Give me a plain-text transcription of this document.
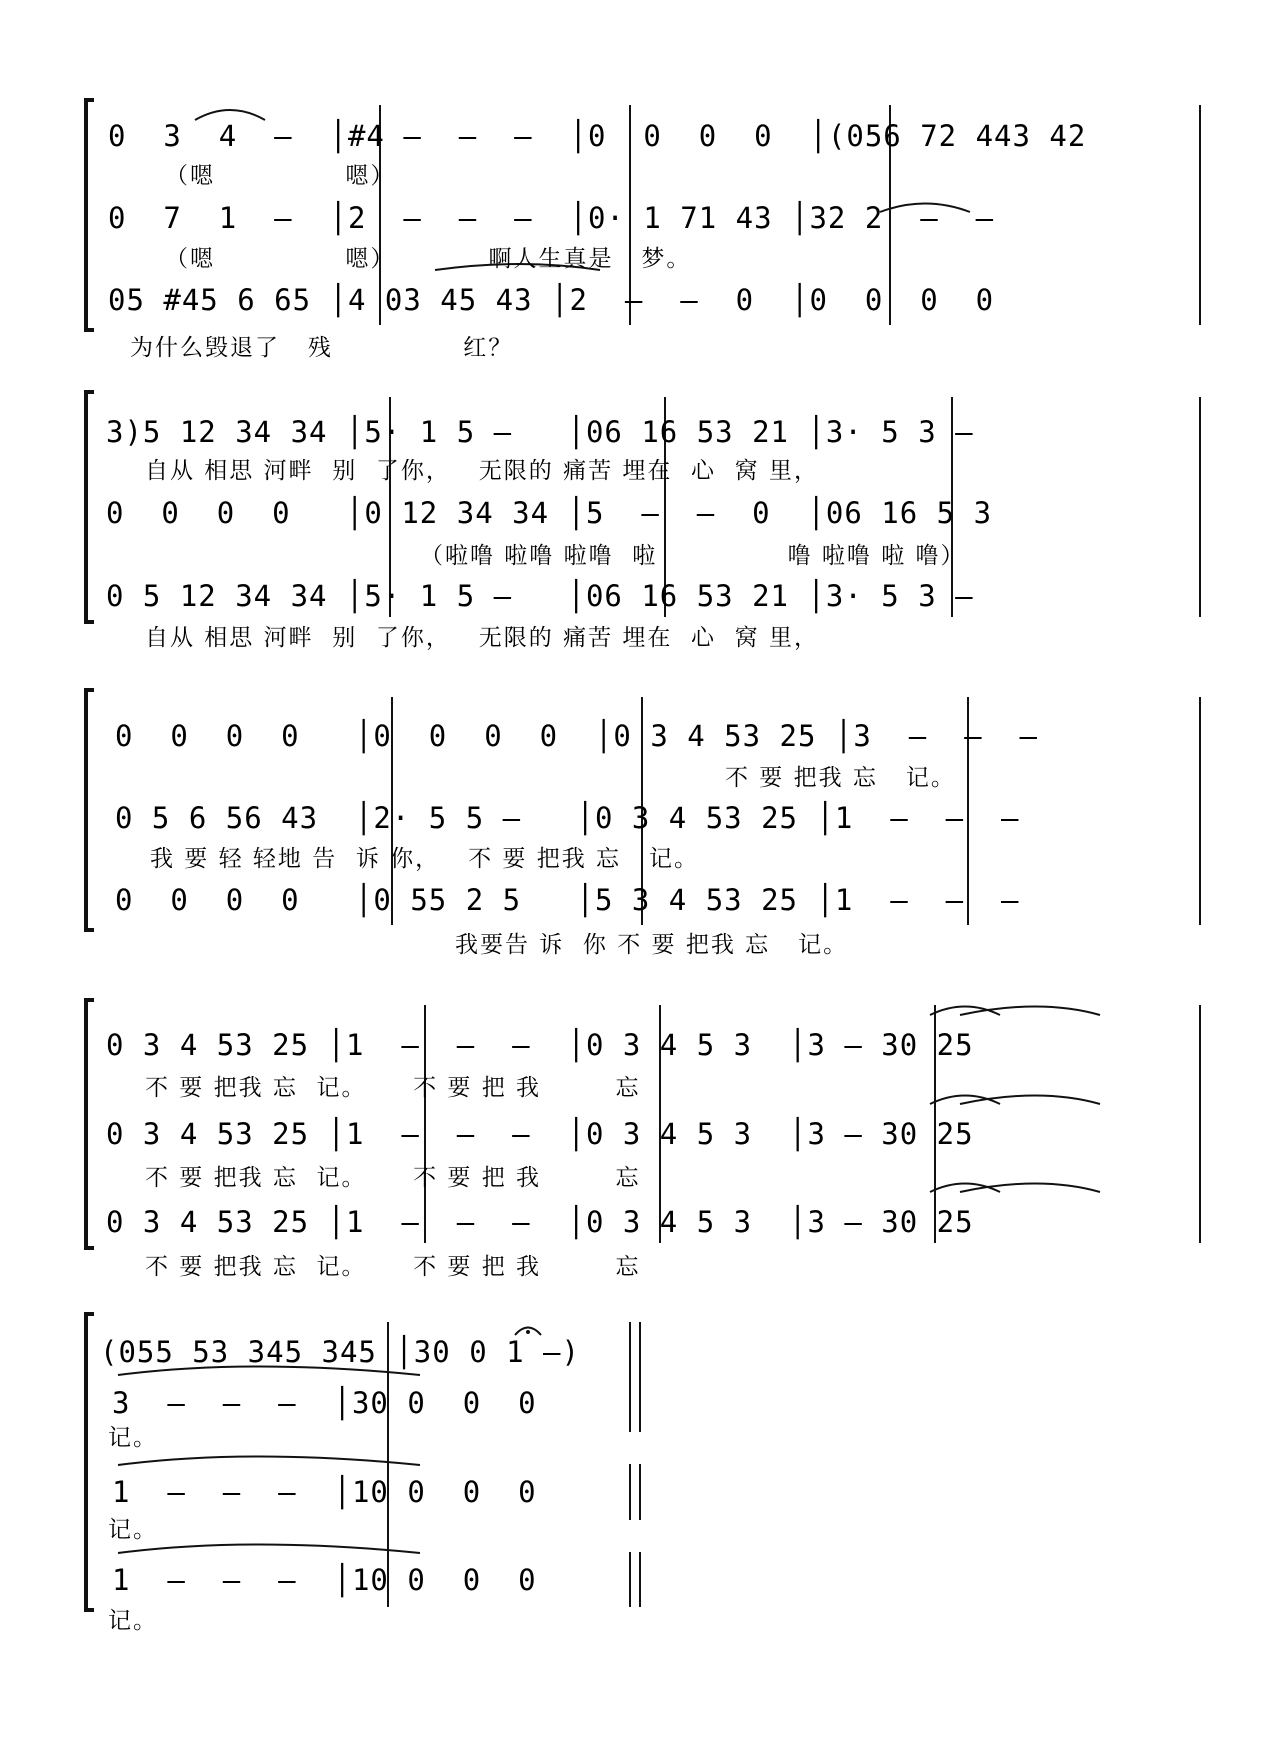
0  3  4  –  │#4 –  –  –  │0  0  0  0  │(056 72 443 42
（嗯              嗯）
0  7  1  –  │2  –  –  –  │0· 1 71 43 │32 2  –  –
（嗯              嗯）          啊人生真是   梦。
05 #45 6 65 │4 03 45 43 │2  –  –  0  │0  0  0  0
为什么毁退了   残              红？
3)5 12 34 34 │5· 1 5 –   │06 16 53 21 │3· 5 3 –
自从 相思 河畔  别  了你，   无限的 痛苦 埋在  心  窝 里，
0  0  0  0   │0 12 34 34 │5  –  –  0  │06 16 5 3
（啦噜 啦噜 啦噜  啦              噜 啦噜 啦 噜）
0 5 12 34 34 │5· 1 5 –   │06 16 53 21 │3· 5 3 –
自从 相思 河畔  别  了你，   无限的 痛苦 埋在  心  窝 里，
0  0  0  0   │0  0  0  0  │0 3 4 53 25 │3  –  –  –
不 要 把我 忘   记。
0 5 6 56 43  │2· 5 5 –   │0 3 4 53 25 │1  –  –  –
我 要 轻 轻地 告  诉 你，   不 要 把我 忘   记。
0  0  0  0   │0 55 2 5   │5 3 4 53 25 │1  –  –  –
我要告 诉  你 不 要 把我 忘   记。
0 3 4 53 25 │1  –  –  –  │0 3 4 5 3  │3 – 30 25
不 要 把我 忘  记。     不 要 把 我        忘
0 3 4 53 25 │1  –  –  –  │0 3 4 5 3  │3 – 30 25
不 要 把我 忘  记。     不 要 把 我        忘
0 3 4 53 25 │1  –  –  –  │0 3 4 5 3  │3 – 30 25
不 要 把我 忘  记。     不 要 把 我        忘
(055 53 345 345 │30 0 1 –)
3  –  –  –  │30 0  0  0
记。
1  –  –  –  │10 0  0  0
记。
1  –  –  –  │10 0  0  0
记。
